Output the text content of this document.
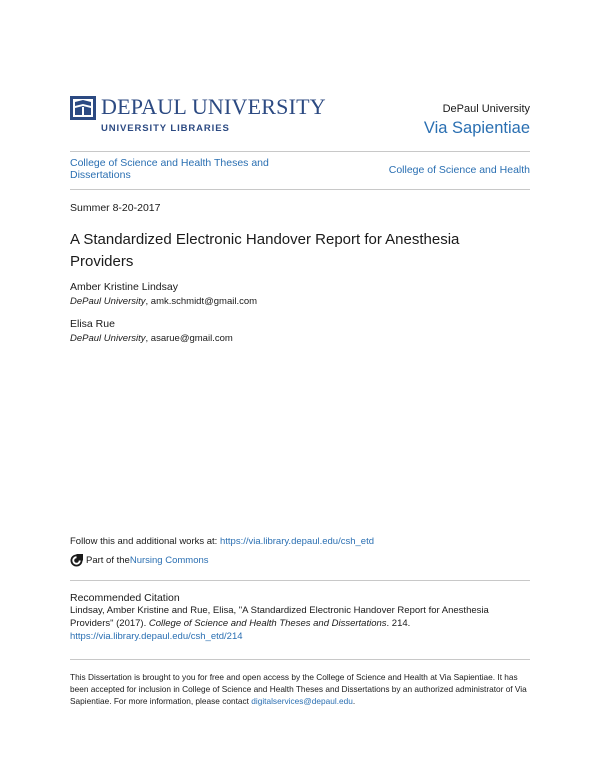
DEPAUL UNIVERSITY
UNIVERSITY LIBRARIES
DePaul University
Via Sapientiae
College of Science and Health Theses and Dissertations	College of Science and Health
Summer 8-20-2017
A Standardized Electronic Handover Report for Anesthesia Providers
Amber Kristine Lindsay
DePaul University, amk.schmidt@gmail.com
Elisa Rue
DePaul University, asarue@gmail.com
Follow this and additional works at: https://via.library.depaul.edu/csh_etd
Part of the Nursing Commons
Recommended Citation
Lindsay, Amber Kristine and Rue, Elisa, "A Standardized Electronic Handover Report for Anesthesia Providers" (2017). College of Science and Health Theses and Dissertations. 214.
https://via.library.depaul.edu/csh_etd/214
This Dissertation is brought to you for free and open access by the College of Science and Health at Via Sapientiae. It has been accepted for inclusion in College of Science and Health Theses and Dissertations by an authorized administrator of Via Sapientiae. For more information, please contact digitalservices@depaul.edu.
